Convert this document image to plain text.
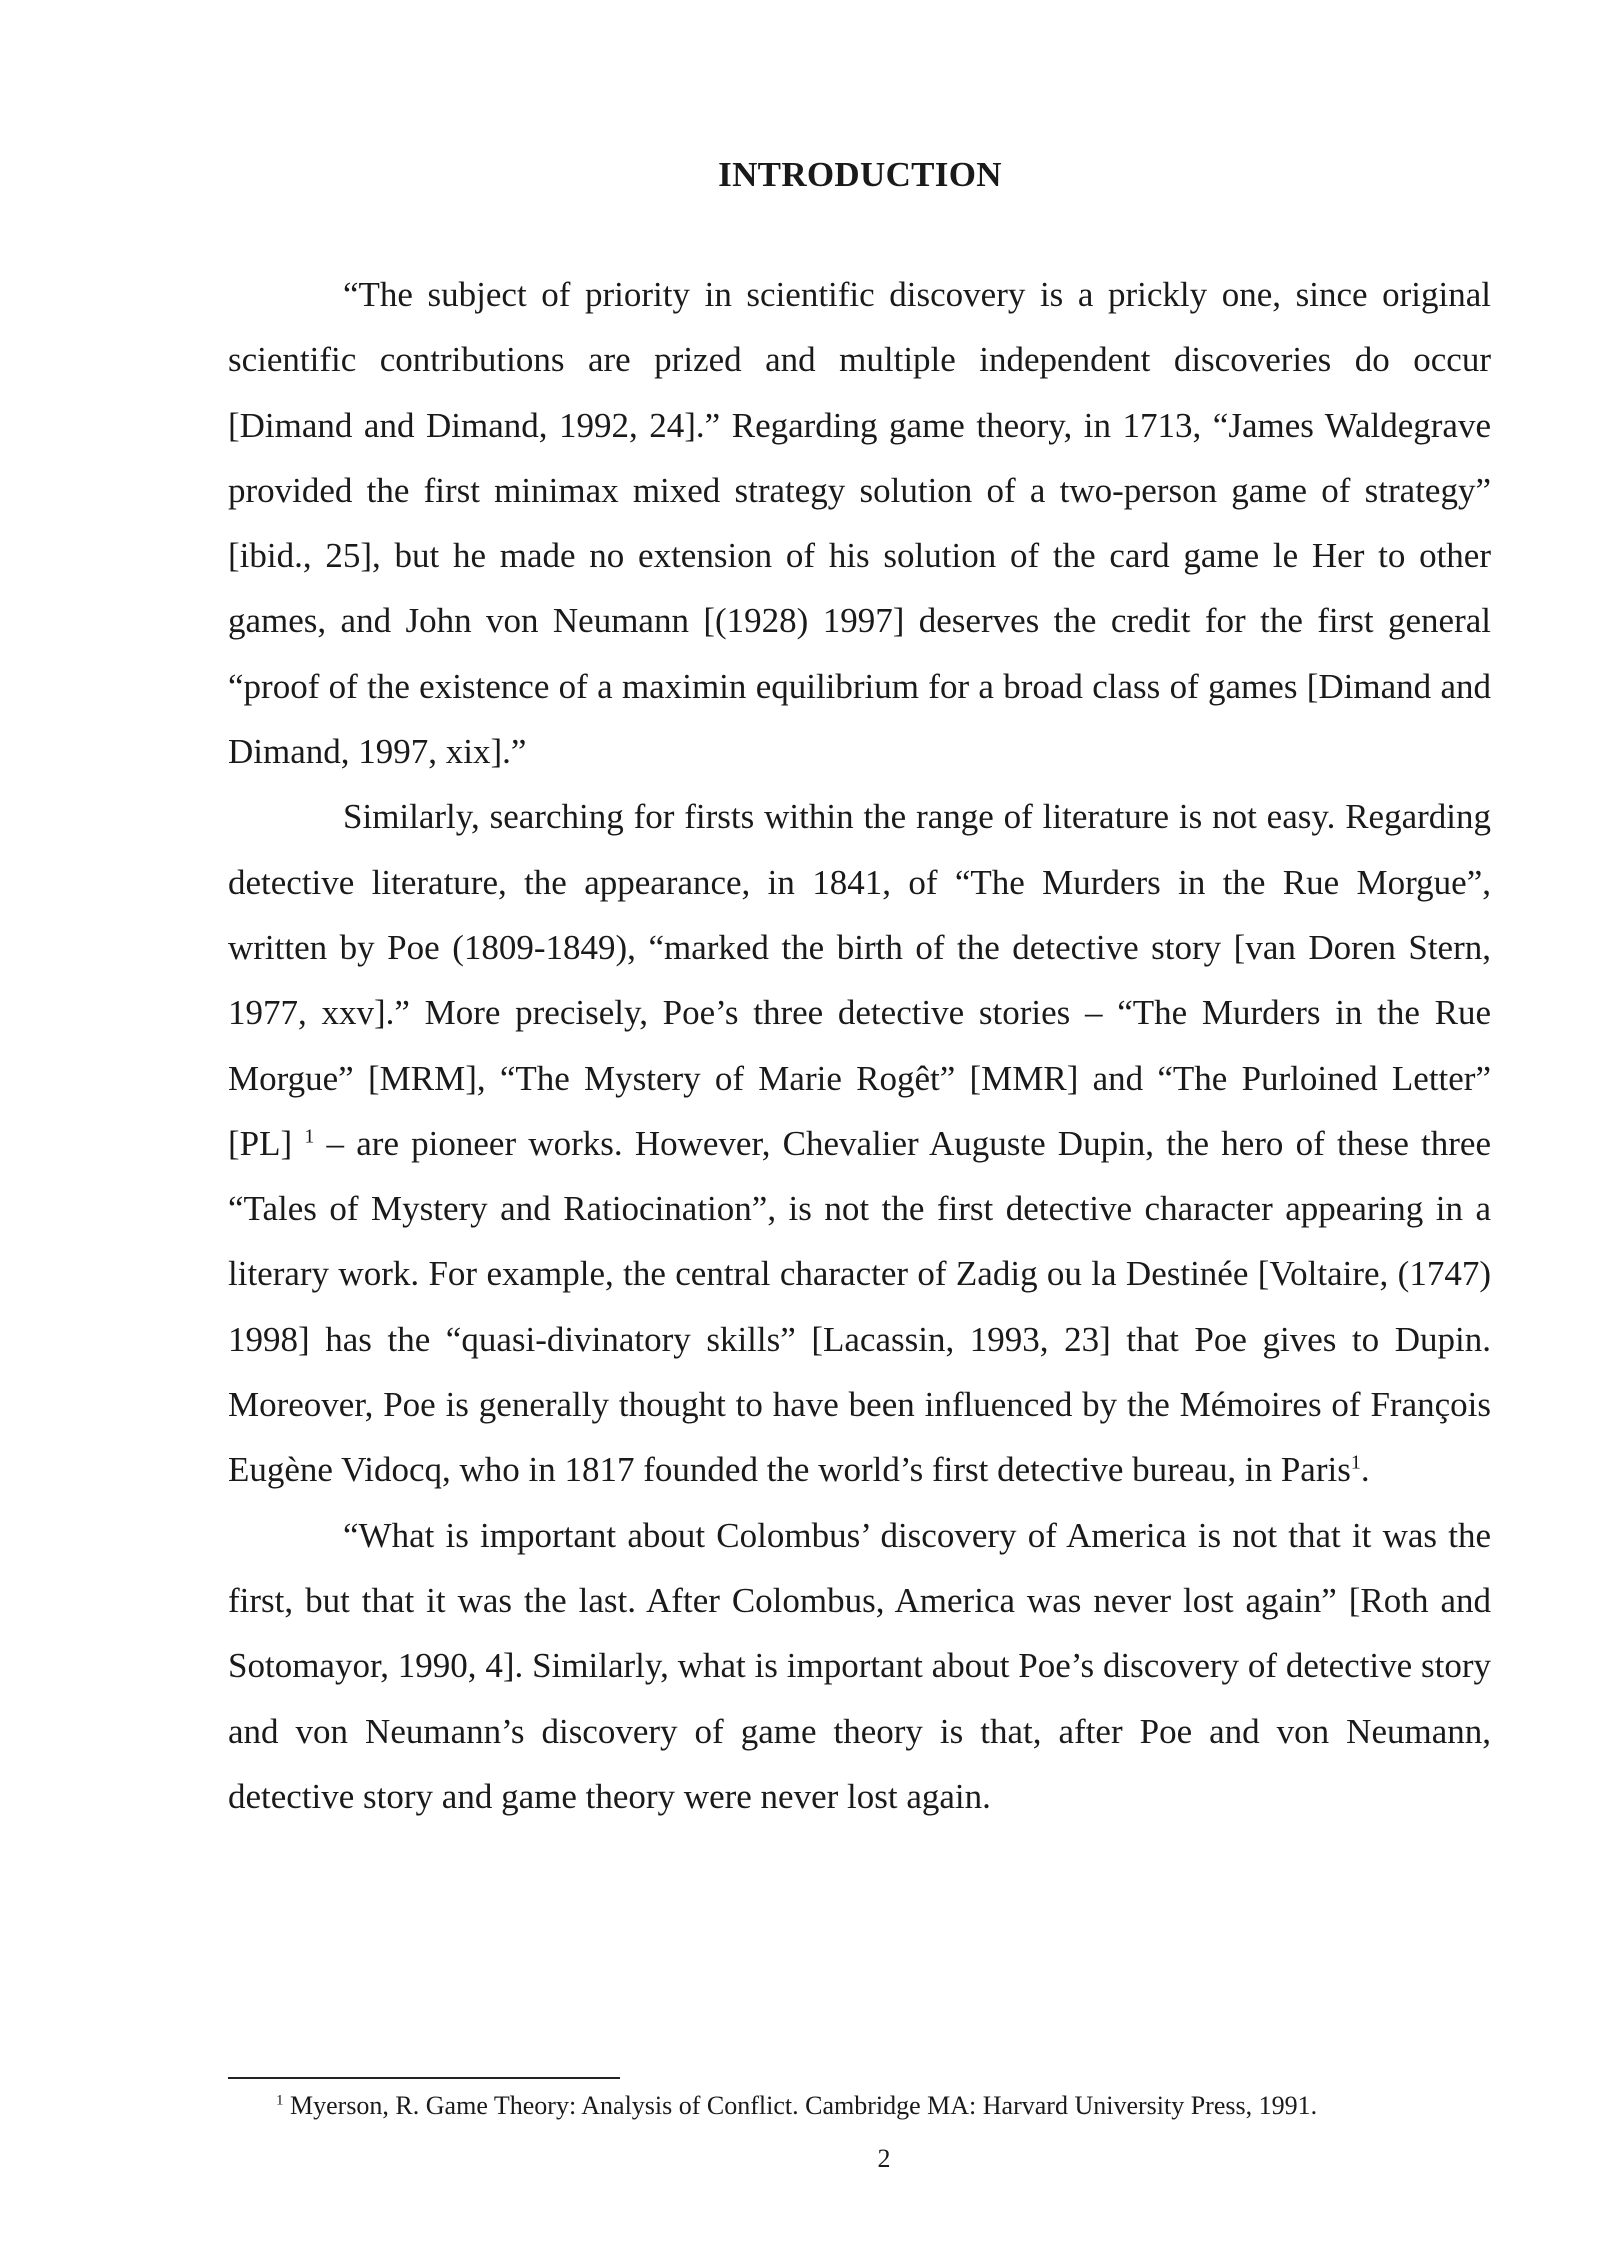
INTRODUCTION

“The subject of priority in scientific discovery is a prickly one, since original scientific contributions are prized and multiple independent discoveries do occur [Dimand and Dimand, 1992, 24].” Regarding game theory, in 1713, “James Waldegrave provided the first minimax mixed strategy solution of a two-person game of strategy” [ibid., 25], but he made no extension of his solution of the card game le Her to other games, and John von Neumann [(1928) 1997] deserves the credit for the first general “proof of the existence of a maximin equilibrium for a broad class of games [Dimand and Dimand, 1997, xix].”

Similarly, searching for firsts within the range of literature is not easy. Regarding detective literature, the appearance, in 1841, of “The Murders in the Rue Morgue”, written by Poe (1809-1849), “marked the birth of the detective story [van Doren Stern, 1977, xxv].” More precisely, Poe’s three detective stories – “The Murders in the Rue Morgue” [MRM], “The Mystery of Marie Rogêt” [MMR] and “The Purloined Letter” [PL] $^1$ – are pioneer works. However, Chevalier Auguste Dupin, the hero of these three “Tales of Mystery and Ratiocination”, is not the first detective character appearing in a literary work. For example, the central character of Zadig ou la Destinée [Voltaire, (1747) 1998] has the “quasi-divinatory skills” [Lacassin, 1993, 23] that Poe gives to Dupin. Moreover, Poe is generally thought to have been influenced by the Mémoires of François Eugène Vidocq, who in 1817 founded the world’s first detective bureau, in Paris$^1$.

“What is important about Colombus’ discovery of America is not that it was the first, but that it was the last. After Colombus, America was never lost again” [Roth and Sotomayor, 1990, 4]. Similarly, what is important about Poe’s discovery of detective story and von Neumann’s discovery of game theory is that, after Poe and von Neumann, detective story and game theory were never lost again.

$^1$ Myerson, R. Game Theory: Analysis of Conflict. Cambridge MA: Harvard University Press, 1991.
2
